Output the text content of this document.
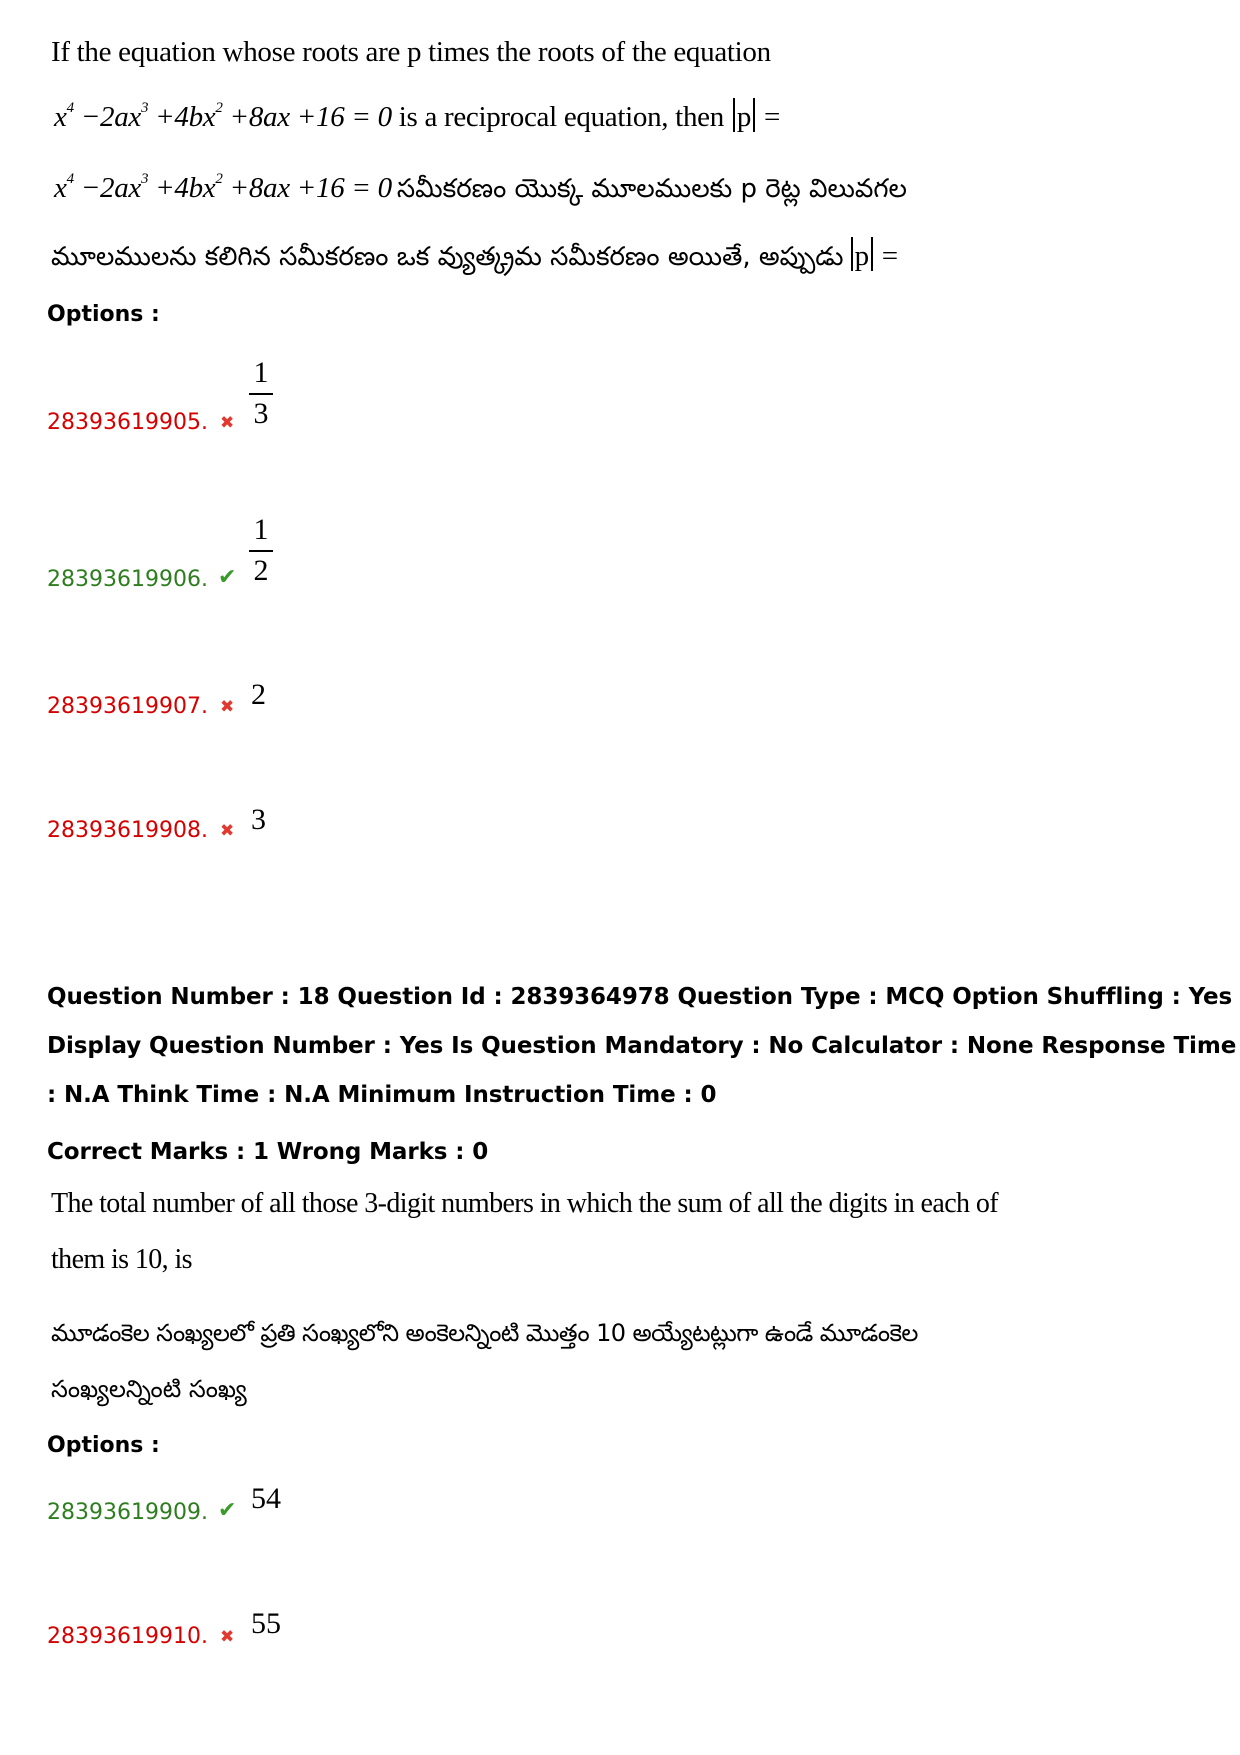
If the equation whose roots are p times the roots of the equation
$x^4 -2ax^3 +4bx^2 +8ax +16 = 0$ is a reciprocal equation, then p =
$x^4 -2ax^3 +4bx^2 +8ax +16 = 0$ సమీకరణం యొక్క మూలములకు p రెట్ల విలువగల
మూలములను కలిగిన సమీకరణం ఒక వ్యుత్క్రమ సమీకరణం అయితే, అప్పుడు p =
Options :
28393619905. ✖
1
3
28393619906. ✔
1
2
28393619907. ✖ 2
28393619908. ✖ 3
Question Number : 18 Question Id : 2839364978 Question Type : MCQ Option Shuffling : Yes
Display Question Number : Yes Is Question Mandatory : No Calculator : None Response Time
: N.A Think Time : N.A Minimum Instruction Time : 0
Correct Marks : 1 Wrong Marks : 0
The total number of all those 3-digit numbers in which the sum of all the digits in each of
them is 10, is
మూడంకెల సంఖ్యలలో ప్రతి సంఖ్యలోని అంకెలన్నింటి మొత్తం 10 అయ్యేటట్లుగా ఉండే మూడంకెల
సంఖ్యలన్నింటి సంఖ్య
Options :
28393619909. ✔ 54
28393619910. ✖ 55
